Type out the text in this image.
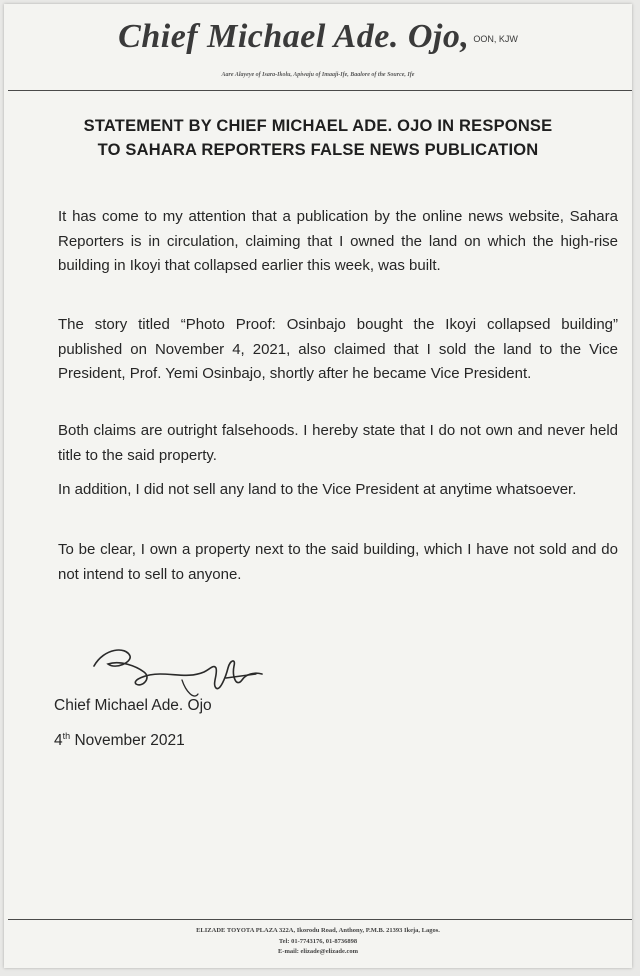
Chief Michael Ade. Ojo, OON, KJW
Aare Alayeye of Isara-Ikolu, Apiwaju of Imaaji-Ife, Baalore of the Source, Ife
STATEMENT BY CHIEF MICHAEL ADE. OJO IN RESPONSE
TO SAHARA REPORTERS FALSE NEWS PUBLICATION

It has come to my attention that a publication by the online news website, Sahara Reporters is in circulation, claiming that I owned the land on which the high-rise building in Ikoyi that collapsed earlier this week, was built.

The story titled “Photo Proof: Osinbajo bought the Ikoyi collapsed building” published on November 4, 2021, also claimed that I sold the land to the Vice President, Prof. Yemi Osinbajo, shortly after he became Vice President.

Both claims are outright falsehoods. I hereby state that I do not own and never held title to the said property.

In addition, I did not sell any land to the Vice President at anytime whatsoever.

To be clear, I own a property next to the said building, which I have not sold and do not intend to sell to anyone.

Chief Michael Ade. Ojo
4th November 2021
ELIZADE TOYOTA PLAZA 322A, Ikorodu Road, Anthony, P.M.B. 21393 Ikeja, Lagos.
Tel: 01-7743176, 01-8736898
E-mail: elizade@elizade.com
